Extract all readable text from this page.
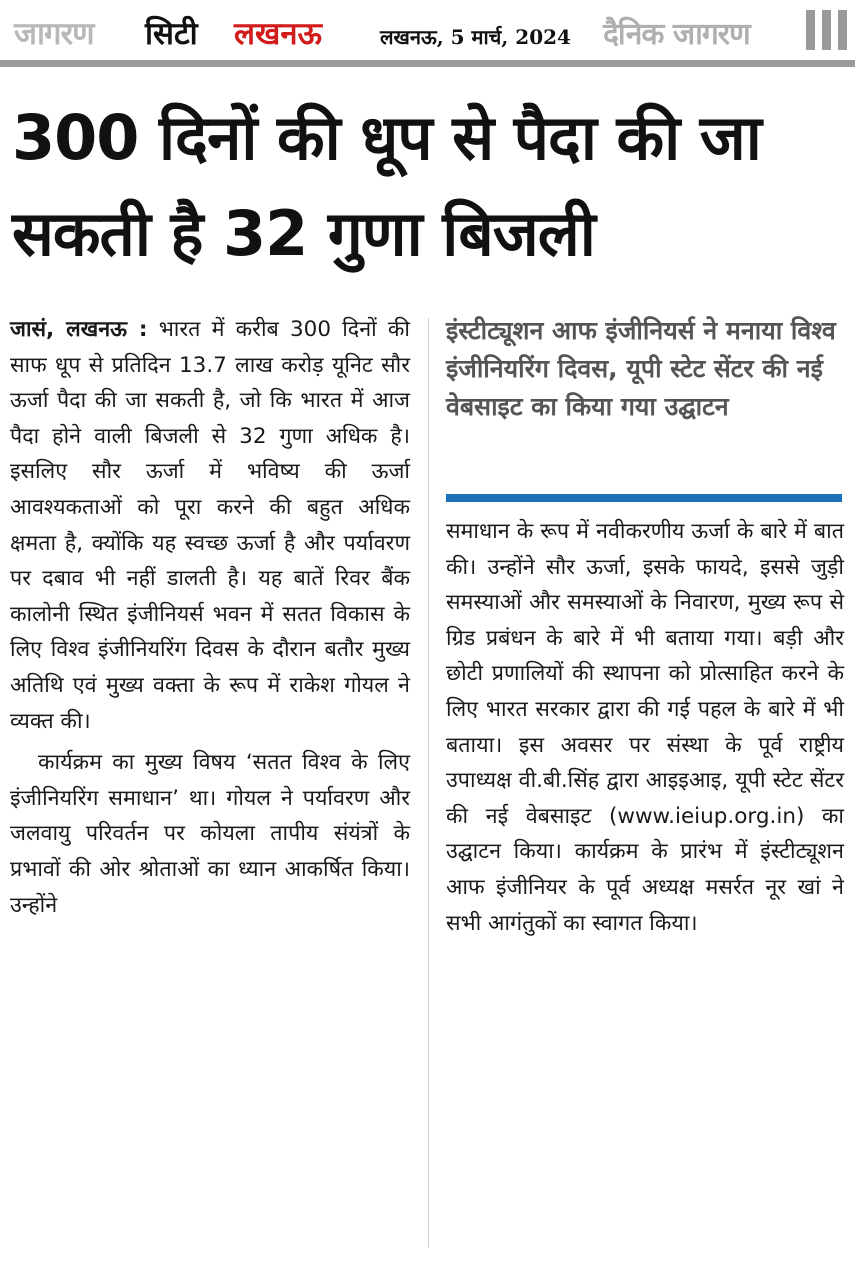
जागरण सिटी लखनऊ	लखनऊ, 5 मार्च, 2024 दैनिक जागरण
300 दिनों की धूप से पैदा की जा सकती है 32 गुणा बिजली

जासं, लखनऊ : भारत में करीब 300 दिनों की साफ धूप से प्रतिदिन 13.7 लाख करोड़ यूनिट सौर ऊर्जा पैदा की जा सकती है, जो कि भारत में आज पैदा होने वाली बिजली से 32 गुणा अधिक है। इसलिए सौर ऊर्जा में भविष्य की ऊर्जा आवश्यकताओं को पूरा करने की बहुत अधिक क्षमता है, क्योंकि यह स्वच्छ ऊर्जा है और पर्यावरण पर दबाव भी नहीं डालती है। यह बातें रिवर बैंक कालोनी स्थित इंजीनियर्स भवन में सतत विकास के लिए विश्व इंजीनियरिंग दिवस के दौरान बतौर मुख्य अतिथि एवं मुख्य वक्ता के रूप में राकेश गोयल ने व्यक्त की।

कार्यक्रम का मुख्य विषय ‘सतत विश्व के लिए इंजीनियरिंग समाधान’ था। गोयल ने पर्यावरण और जलवायु परिवर्तन पर कोयला तापीय संयंत्रों के प्रभावों की ओर श्रोताओं का ध्यान आकर्षित किया। उन्होंने

इंस्टीट्यूशन आफ इंजीनियर्स ने मनाया विश्व इंजीनियरिंग दिवस, यूपी स्टेट सेंटर की नई वेबसाइट का किया गया उद्घाटन

समाधान के रूप में नवीकरणीय ऊर्जा के बारे में बात की। उन्होंने सौर ऊर्जा, इसके फायदे, इससे जुड़ी समस्याओं और समस्याओं के निवारण, मुख्य रूप से ग्रिड प्रबंधन के बारे में भी बताया गया। बड़ी और छोटी प्रणालियों की स्थापना को प्रोत्साहित करने के लिए भारत सरकार द्वारा की गई पहल के बारे में भी बताया। इस अवसर पर संस्था के पूर्व राष्ट्रीय उपाध्यक्ष वी.बी.सिंह द्वारा आइइआइ, यूपी स्टेट सेंटर की नई वेबसाइट (www.ieiup.org.in) का उद्घाटन किया। कार्यक्रम के प्रारंभ में इंस्टीट्यूशन आफ इंजीनियर के पूर्व अध्यक्ष मसर्रत नूर खां ने सभी आगंतुकों का स्वागत किया।
